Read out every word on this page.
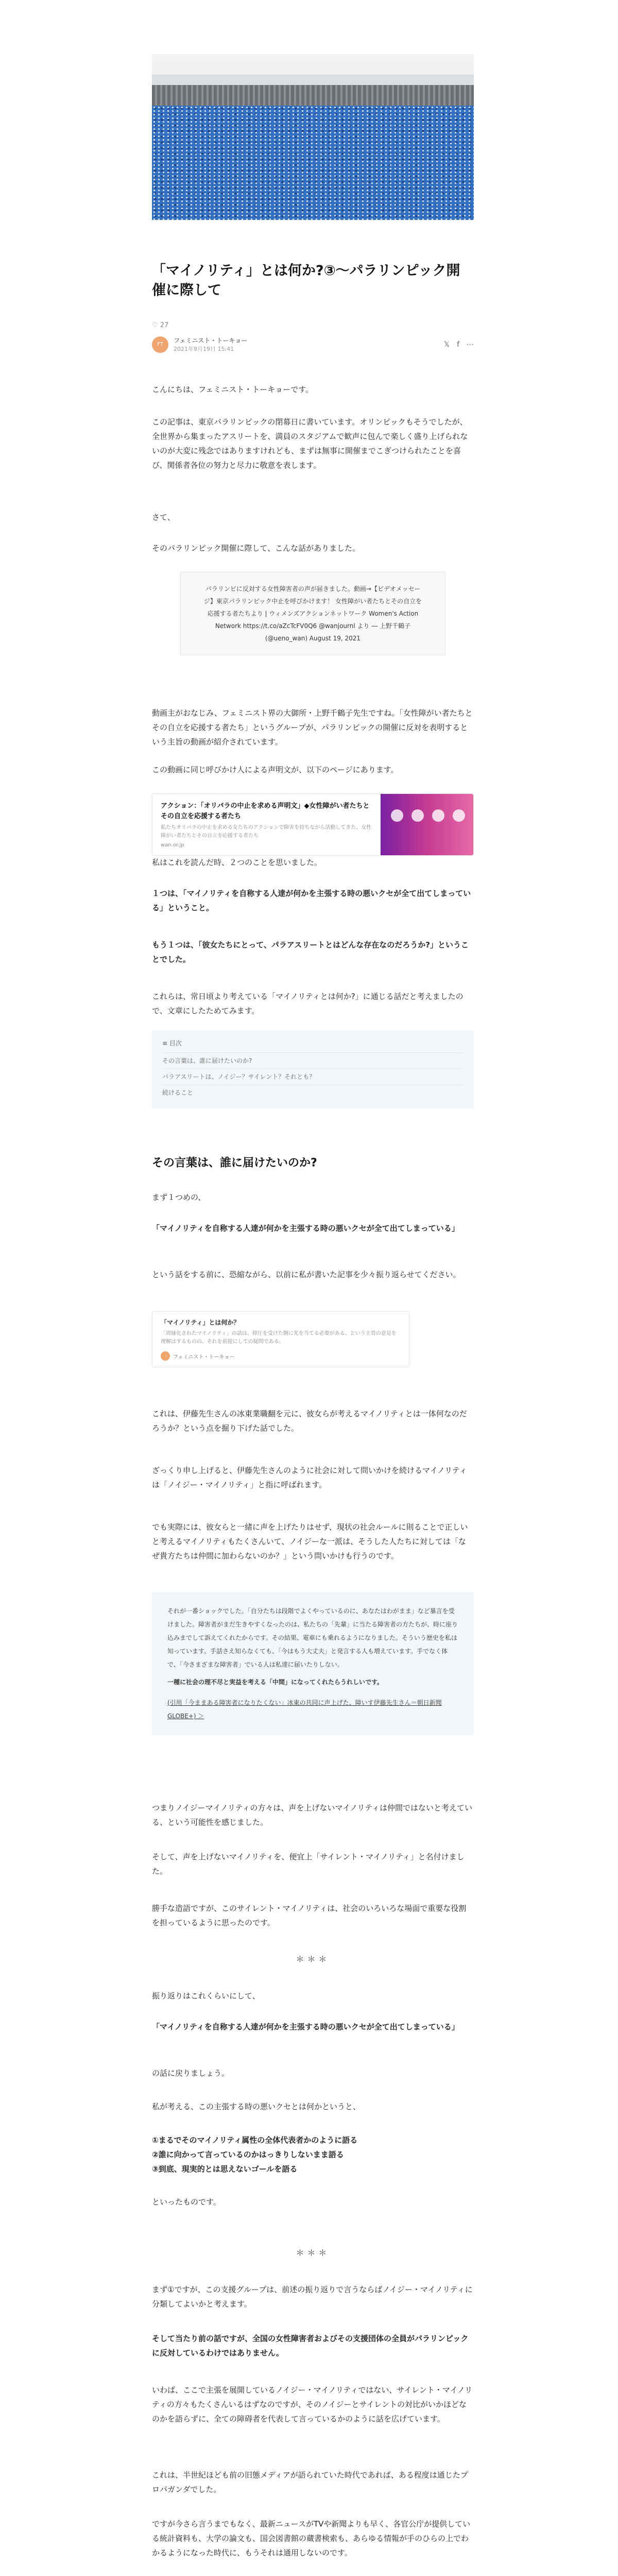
「マイノリティ」とは何か?③〜パラリンピック開催に際して
♡ 27
FT
フェミニスト・トーキョー
2021年9月19日 15:41
𝕏 f ⋯

こんにちは、フェミニスト・トーキョーです。

この記事は、東京パラリンピックの閉幕日に書いています。オリンピックもそうでしたが、全世界から集まったアスリートを、満員のスタジアムで歓声に包んで楽しく盛り上げられないのが大変に残念ではありますけれども、まずは無事に開催までこぎつけられたことを喜び、関係者各位の努力と尽力に敬意を表します。

さて、

そのパラリンピック開催に際して、こんな話がありました。

パラリンピに反対する女性障害者の声が届きました。動画→【ビデオメッセージ】東京パラリンピック中止を呼びかけます！ 女性障がい者たちとその自立を応援する者たちより | ウィメンズアクションネットワーク Women's Action Network https://t.co/aZcTcFV0Q6 @wanjournl より ― 上野千鶴子 (@ueno_wan) August 19, 2021

動画主がおなじみ、フェミニスト界の大御所・上野千鶴子先生ですね。「女性障がい者たちとその自立を応援する者たち」というグループが、パラリンピックの開催に反対を表明するという主旨の動画が紹介されています。

この動画に同じ呼びかけ人による声明文が、以下のページにあります。

アクション：「オリパラの中止を求める声明文」◆女性障がい者たちとその自立を応援する者たち
私たちオリパラの中止を求める女たちのアクションで障害を持ちながら活動してきた、女性障がい者たちとその自立を応援する者たち
wan.or.jp

私はこれを読んだ時、２つのことを思いました。

１つは、「マイノリティを自称する人達が何かを主張する時の悪いクセが全て出てしまっている」ということ。

もう１つは、「彼女たちにとって、パラアスリートとはどんな存在なのだろうか?」ということでした。

これらは、常日頃より考えている「マイノリティとは何か?」に通じる話だと考えましたので、文章にしたためてみます。

≡ 目次
その言葉は、誰に届けたいのか?
パラアスリートは、ノイジー？サイレント？それとも？
続けること
その言葉は、誰に届けたいのか?

まず１つめの、

「マイノリティを自称する人達が何かを主張する時の悪いクセが全て出てしまっている」

という話をする前に、恐縮ながら、以前に私が書いた記事を少々振り返らせてください。

「マイノリティ」とは何か？
「周縁化されたマイノリティ」の話は、抑圧を受けた側に光を当てる必要がある、という主旨の意見を理解はするものの、それを前提にしての疑問である。
フェミニスト・トーキョー

これは、伊藤先生さんの冰東業職翻を元に、彼女らが考えるマイノリティとは一体何なのだろうか？という点を掘り下げた話でした。

ざっくり申し上げると、伊藤先生さんのように社会に対して問いかけを続けるマイノリティは「ノイジー・マイノリティ」と指に呼ばれます。

でも実際には、彼女らと一緒に声を上げたりはせず、現状の社会ルールに則ることで正しいと考えるマイノリティもたくさんいて、ノイジーな一派は、そうした人たちに対しては「なぜ貴方たちは仲間に加わらないのか？」という問いかけも行うのです。

それが一番ショックでした。「自分たちは段階でよくやっているのに、あなたはわがまま」など暴言を受けました。障害者がまだ生きやすくなったのは、私たちの「先輩」に当たる障害者の方たちが、時に座り込みまでして訴えてくれたからです。その結果、電車にも乗れるようになりました。そういう歴史を私は知っています。手話さえ知らなくても、「今はもう大丈夫」と発言する人も増えています。手でなく体で、「今さまざまな障害者」でいる人は私達に届いたりしない。
一種に社会の理不尽と実益を考える「中間」になってくれたらうれしいです。
(引用「今ままある障害者になりたくない」冰東の共同に声上げた、障いす伊藤先生さん＝朝日新聞GLOBE+) ＞

つまりノイジーマイノリティの方々は、声を上げないマイノリティは仲間ではないと考えている、という可能性を感じました。

そして、声を上げないマイノリティを、便宜上「サイレント・マイノリティ」と名付けました。

勝手な造語ですが、このサイレント・マイノリティは、社会のいろいろな場面で重要な役割を担っているように思ったのです。

＊＊＊

振り返りはこれくらいにして、

「マイノリティを自称する人達が何かを主張する時の悪いクセが全て出てしまっている」

の話に戻りましょう。

私が考える、この主張する時の悪いクセとは何かというと、

①まるでそのマイノリティ属性の全体代表者かのように語る

②誰に向かって言っているのかはっきりしないまま語る

③到底、現実的とは思えないゴールを語る

といったものです。

＊＊＊

まず①ですが、この支援グループは、前述の振り返りで言うならばノイジー・マイノリティに分類してよいかと考えます。

そして当たり前の話ですが、全国の女性障害者およびその支援団体の全員がパラリンピックに反対しているわけではありません。

いわば、ここで主張を展開しているノイジー・マイノリティではない、サイレント・マイノリティの方々もたくさんいるはずなのですが、そのノイジーとサイレントの対比がいかほどなのかを語らずに、全ての障碍者を代表して言っているかのように話を広げています。

これは、半世紀ほども前の旧態メディアが語られていた時代であれば、ある程度は通じたプロパガンダでした。

ですが今さら言うまでもなく、最新ニュースがTVや新聞よりも早く、各官公庁が提供している統計資料も、大学の論文も、国会図書館の蔵書検索も、あらゆる情報が手のひらの上でわかるようになった時代に、もうそれは通用しないのです。
